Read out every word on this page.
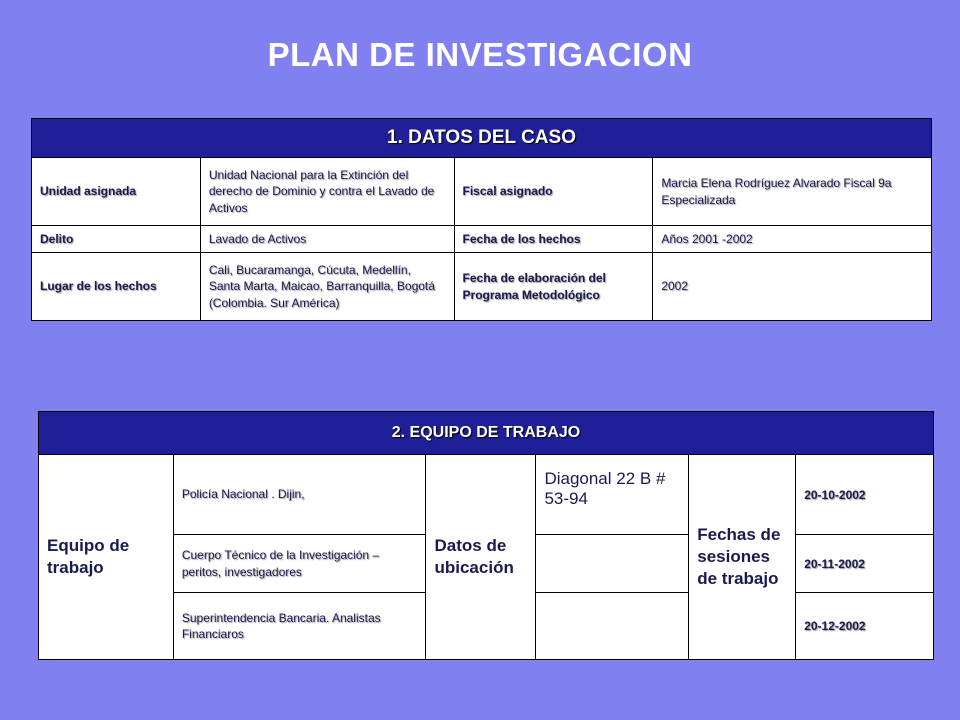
PLAN DE INVESTIGACION
1. DATOS DEL CASO			
Unidad asignada	Unidad Nacional para la Extinción del derecho de Dominio y contra el Lavado de Activos	Fiscal asignado	Marcia Elena Rodríguez Alvarado Fiscal 9a Especializada
Delito	Lavado de Activos	Fecha de los hechos	Años 2001 -2002
Lugar de los hechos	Cali, Bucaramanga, Cúcuta, Medellín, Santa Marta, Maicao, Barranquilla, Bogotá (Colombia. Sur América)	Fecha de elaboración del Programa Metodológico	2002
2. EQUIPO DE TRABAJO					
Equipo de trabajo	Policía Nacional . Dijin,	Datos de ubicación	Diagonal 22 B # 53-94	Fechas de sesiones de trabajo	20-10-2002
	Cuerpo Técnico de la Investigación – peritos, investigadores				20-11-2002
	Superintendencia Bancaria. Analistas Financiaros				20-12-2002
